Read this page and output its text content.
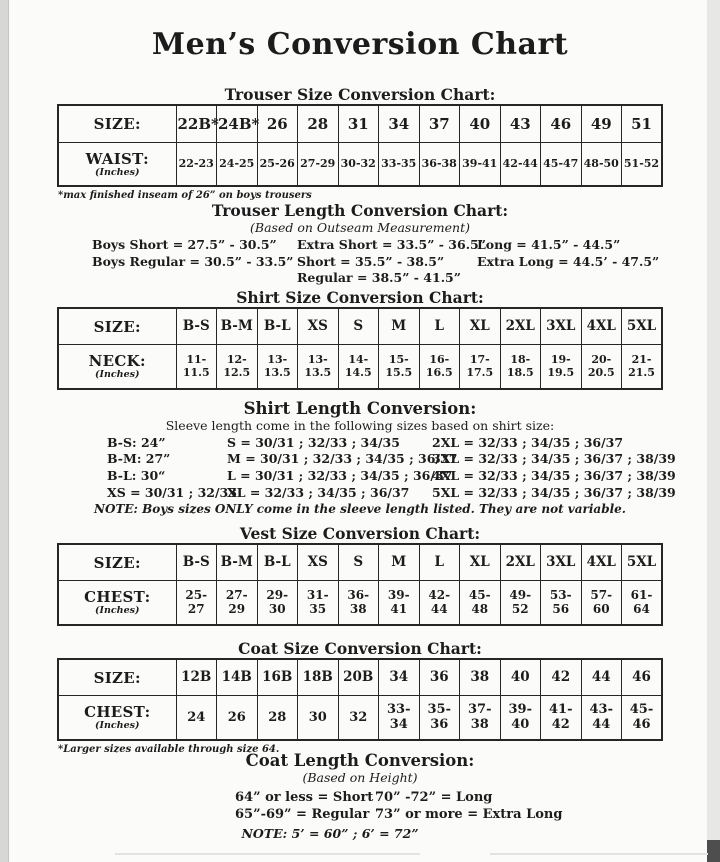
Men’s Conversion Chart
Trouser Size Conversion Chart:
SIZE:	22B*	24B*	26	28	31	34	37	40	43	46	49	51

WAIST:
(Inches)	22-23	24-25	25-26	27-29	30-32	33-35	36-38	39-41	42-44	45-47	48-50	51-52
*max finished inseam of 26” on boys trousers
Trouser Length Conversion Chart:
(Based on Outseam Measurement)
Boys Short = 27.5” - 30.5”
Boys Regular = 30.5” - 33.5”
Extra Short = 33.5” - 36.5”
Short = 35.5” - 38.5”
Regular = 38.5” - 41.5”
Long = 41.5” - 44.5”
Extra Long = 44.5’ - 47.5”
Shirt Size Conversion Chart:
SIZE:	B-S	B-M	B-L	XS	S	M	L	XL	2XL	3XL	4XL	5XL

NECK:
(Inches)	11-11.5	12-12.5	13-13.5	13-13.5	14-14.5	15-15.5	16-16.5	17-17.5	18-18.5	19-19.5	20-20.5	21-21.5
Shirt Length Conversion:
Sleeve length come in the following sizes based on shirt size:
B-S: 24”
B-M: 27”
B-L: 30“
XS = 30/31 ; 32/33
S = 30/31 ; 32/33 ; 34/35
M = 30/31 ; 32/33 ; 34/35 ; 36/37
L = 30/31 ; 32/33 ; 34/35 ; 36/37
XL = 32/33 ; 34/35 ; 36/37
2XL = 32/33 ; 34/35 ; 36/37
3XL = 32/33 ; 34/35 ; 36/37 ; 38/39
4XL = 32/33 ; 34/35 ; 36/37 ; 38/39
5XL = 32/33 ; 34/35 ; 36/37 ; 38/39
NOTE: Boys sizes ONLY come in the sleeve length listed. They are not variable.
Vest Size Conversion Chart:
SIZE:	B-S	B-M	B-L	XS	S	M	L	XL	2XL	3XL	4XL	5XL

CHEST:
(Inches)	25-27	27-29	29-30	31-35	36-38	39-41	42-44	45-48	49-52	53-56	57-60	61-64
Coat Size Conversion Chart:
SIZE:	12B	14B	16B	18B	20B	34	36	38	40	42	44	46

CHEST:
(Inches)	24	26	28	30	32	33-34	35-36	37-38	39-40	41-42	43-44	45-46
*Larger sizes available through size 64.
Coat Length Conversion:
(Based on Height)
64” or less = Short
65”-69” = Regular
70” -72” = Long
73” or more = Extra Long
NOTE: 5’ = 60” ; 6’ = 72”
